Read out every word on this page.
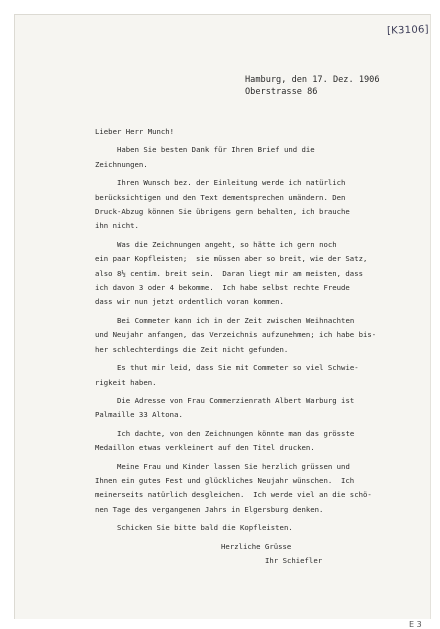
[K3106]
Hamburg, den 17. Dez. 1906
Oberstrasse 86
Lieber Herr Munch!
Haben Sie besten Dank für Ihren Brief und die
Zeichnungen.
Ihren Wunsch bez. der Einleitung werde ich natürlich
berücksichtigen und den Text dementsprechen umändern. Den
Druck-Abzug können Sie übrigens gern behalten, ich brauche
ihn nicht.
Was die Zeichnungen angeht, so hätte ich gern noch
ein paar Kopfleisten;  sie müssen aber so breit, wie der Satz,
also 8½ centim. breit sein.  Daran liegt mir am meisten, dass
ich davon 3 oder 4 bekomme.  Ich habe selbst rechte Freude
dass wir nun jetzt ordentlich voran kommen.
Bei Commeter kann ich in der Zeit zwischen Weihnachten
und Neujahr anfangen, das Verzeichnis aufzunehmen; ich habe bis-
her schlechterdings die Zeit nicht gefunden.
Es thut mir leid, dass Sie mit Commeter so viel Schwie-
rigkeit haben.
Die Adresse von Frau Commerzienrath Albert Warburg ist
Palmaille 33 Altona.
Ich dachte, von den Zeichnungen könnte man das grösste
Medaillon etwas verkleinert auf den Titel drucken.
Meine Frau und Kinder lassen Sie herzlich grüssen und
Ihnen ein gutes Fest und glückliches Neujahr wünschen.  Ich
meinerseits natürlich desgleichen.  Ich werde viel an die schö-
nen Tage des vergangenen Jahrs in Elgersburg denken.
Schicken Sie bitte bald die Kopfleisten.
Herzliche Grüsse
Ihr Schiefler
E 3
